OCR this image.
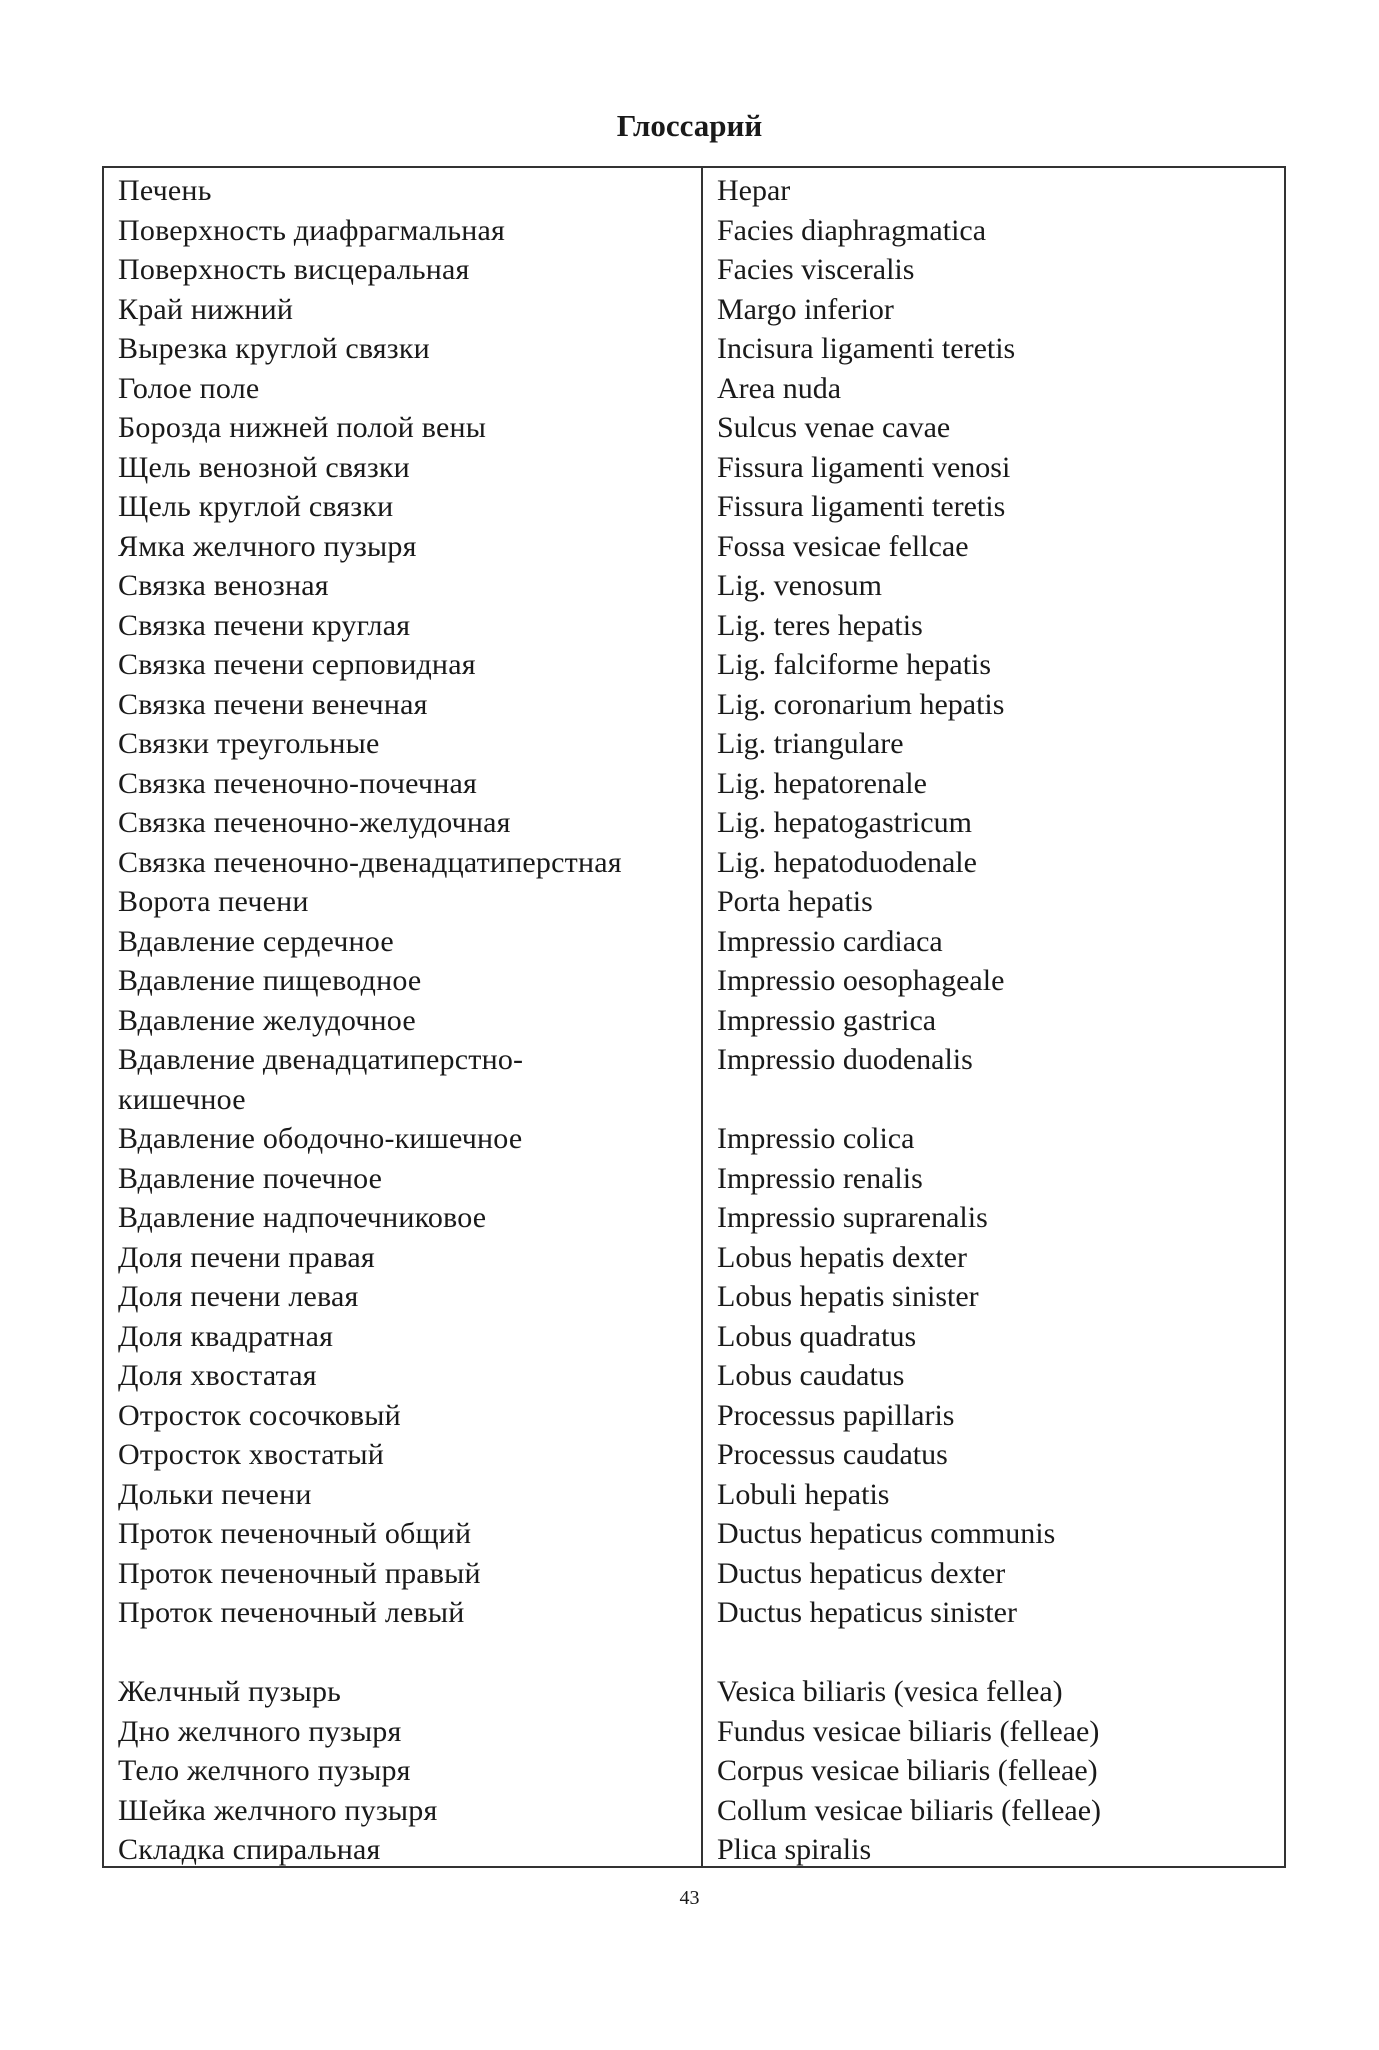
Глоссарий
Печень
Поверхность диафрагмальная
Поверхность висцеральная
Край нижний
Вырезка круглой связки
Голое поле
Борозда нижней полой вены
Щель венозной связки
Щель круглой связки
Ямка желчного пузыря
Связка венозная
Связка печени круглая
Связка печени серповидная
Связка печени венечная
Связки треугольные
Связка печеночно-почечная
Связка печеночно-желудочная
Связка печеночно-двенадцатиперстная
Ворота печени
Вдавление сердечное
Вдавление пищеводное
Вдавление желудочное
Вдавление двенадцатиперстно-
кишечное
Вдавление ободочно-кишечное
Вдавление почечное
Вдавление надпочечниковое
Доля печени правая
Доля печени левая
Доля квадратная
Доля хвостатая
Отросток сосочковый
Отросток хвостатый
Дольки печени
Проток печеночный общий
Проток печеночный правый
Проток печеночный левый
Желчный пузырь
Дно желчного пузыря
Тело желчного пузыря
Шейка желчного пузыря
Складка спиральная
Hepar
Facies diaphragmatica
Facies visceralis
Margo inferior
Incisura ligamenti teretis
Area nuda
Sulcus venae cavae
Fissura ligamenti venosi
Fissura ligamenti teretis
Fossa vesicae fellcae
Lig. venosum
Lig. teres hepatis
Lig. falciforme hepatis
Lig. coronarium hepatis
Lig. triangulare
Lig. hepatorenale
Lig. hepatogastricum
Lig. hepatoduodenale
Porta hepatis
Impressio cardiaca
Impressio oesophageale
Impressio gastrica
Impressio duodenalis
Impressio colica
Impressio renalis
Impressio suprarenalis
Lobus hepatis dexter
Lobus hepatis sinister
Lobus quadratus
Lobus caudatus
Processus papillaris
Processus caudatus
Lobuli hepatis
Ductus hepaticus communis
Ductus hepaticus dexter
Ductus hepaticus sinister
Vesica biliaris (vesica fellea)
Fundus vesicae biliaris (felleae)
Corpus vesicae biliaris (felleae)
Collum vesicae biliaris (felleae)
Plica spiralis
43
